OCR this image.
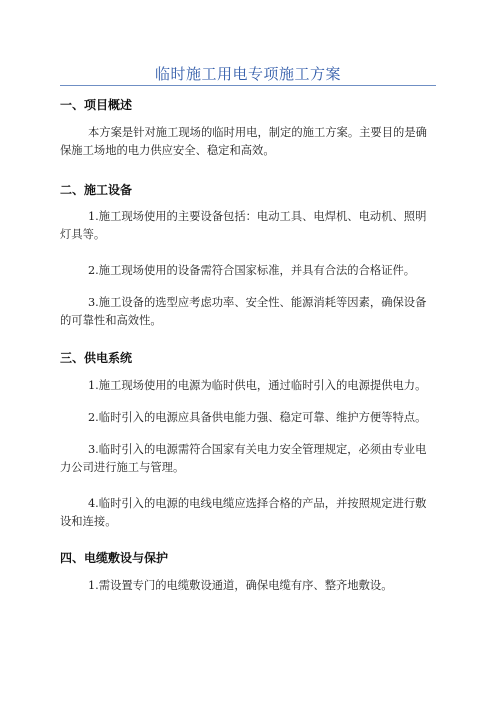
临时施工用电专项施工方案
一、项目概述
本方案是针对施工现场的临时用电，制定的施工方案。主要目的是确
保施工场地的电力供应安全、稳定和高效。
二、施工设备
1.施工现场使用的主要设备包括：电动工具、电焊机、电动机、照明
灯具等。
2.施工现场使用的设备需符合国家标准，并具有合法的合格证件。
3.施工设备的选型应考虑功率、安全性、能源消耗等因素，确保设备
的可靠性和高效性。
三、供电系统
1.施工现场使用的电源为临时供电，通过临时引入的电源提供电力。
2.临时引入的电源应具备供电能力强、稳定可靠、维护方便等特点。
3.临时引入的电源需符合国家有关电力安全管理规定，必须由专业电
力公司进行施工与管理。
4.临时引入的电源的电线电缆应选择合格的产品，并按照规定进行敷
设和连接。
四、电缆敷设与保护
1.需设置专门的电缆敷设通道，确保电缆有序、整齐地敷设。
